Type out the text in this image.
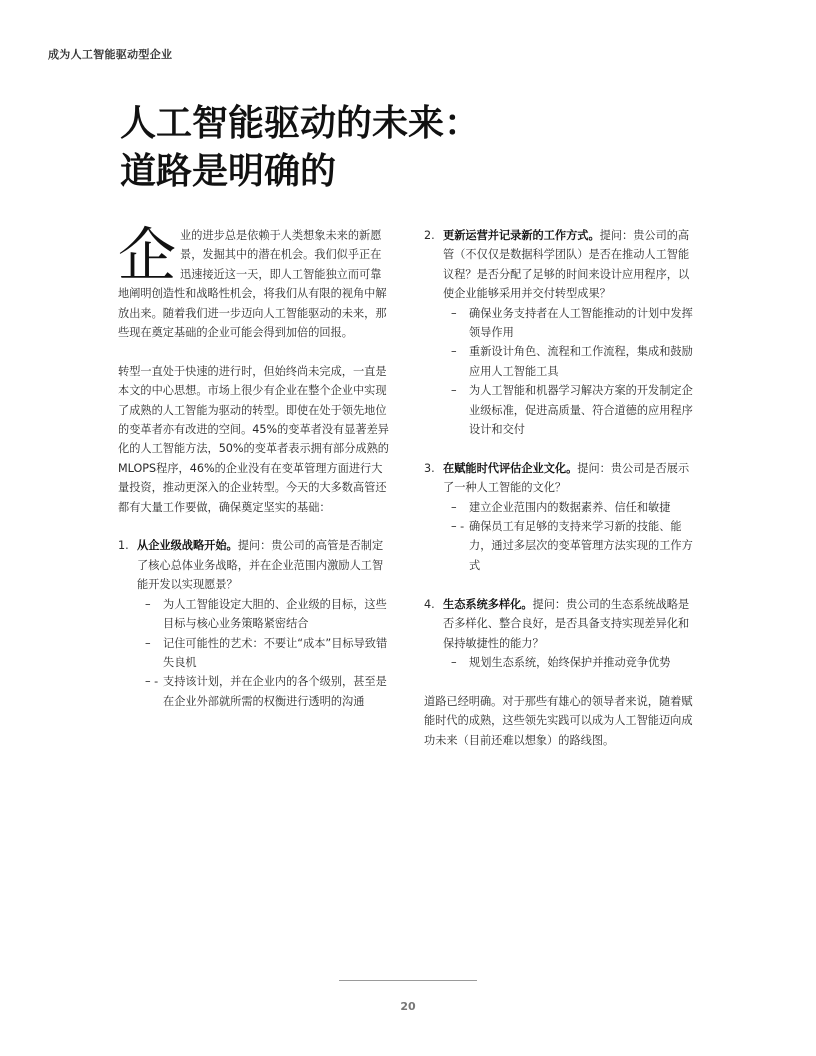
成为人工智能驱动型企业
人工智能驱动的未来：
道路是明确的

企业的进步总是依赖于人类想象未来的新愿景，发掘其中的潜在机会。我们似乎正在迅速接近这一天，即人工智能独立而可靠地阐明创造性和战略性机会，将我们从有限的视角中解放出来。随着我们进一步迈向人工智能驱动的未来，那些现在奠定基础的企业可能会得到加倍的回报。

转型一直处于快速的进行时，但始终尚未完成，一直是本文的中心思想。市场上很少有企业在整个企业中实现了成熟的人工智能为驱动的转型。即使在处于领先地位的变革者亦有改进的空间。45%的变革者没有显著差异化的人工智能方法，50%的变革者表示拥有部分成熟的MLOPS程序，46%的企业没有在变革管理方面进行大量投资，推动更深入的企业转型。今天的大多数高管还都有大量工作要做，确保奠定坚实的基础：

1. 从企业级战略开始。提问：贵公司的高管是否制定了核心总体业务战略，并在企业范围内激励人工智能开发以实现愿景？
– 为人工智能设定大胆的、企业级的目标，这些目标与核心业务策略紧密结合
– 记住可能性的艺术：不要让“成本”目标导致错失良机
– - 支持该计划，并在企业内的各个级别，甚至是在企业外部就所需的权衡进行透明的沟通
2. 更新运营并记录新的工作方式。提问：贵公司的高管（不仅仅是数据科学团队）是否在推动人工智能议程？是否分配了足够的时间来设计应用程序，以使企业能够采用并交付转型成果？
– 确保业务支持者在人工智能推动的计划中发挥领导作用
– 重新设计角色、流程和工作流程，集成和鼓励应用人工智能工具
– 为人工智能和机器学习解决方案的开发制定企业级标准，促进高质量、符合道德的应用程序设计和交付
3. 在赋能时代评估企业文化。提问：贵公司是否展示了一种人工智能的文化？
– 建立企业范围内的数据素养、信任和敏捷
– - 确保员工有足够的支持来学习新的技能、能力，通过多层次的变革管理方法实现的工作方式
4. 生态系统多样化。提问：贵公司的生态系统战略是否多样化、整合良好，是否具备支持实现差异化和保持敏捷性的能力？
– 规划生态系统，始终保护并推动竞争优势

道路已经明确。对于那些有雄心的领导者来说，随着赋能时代的成熟，这些领先实践可以成为人工智能迈向成功未来（目前还难以想象）的路线图。

20
